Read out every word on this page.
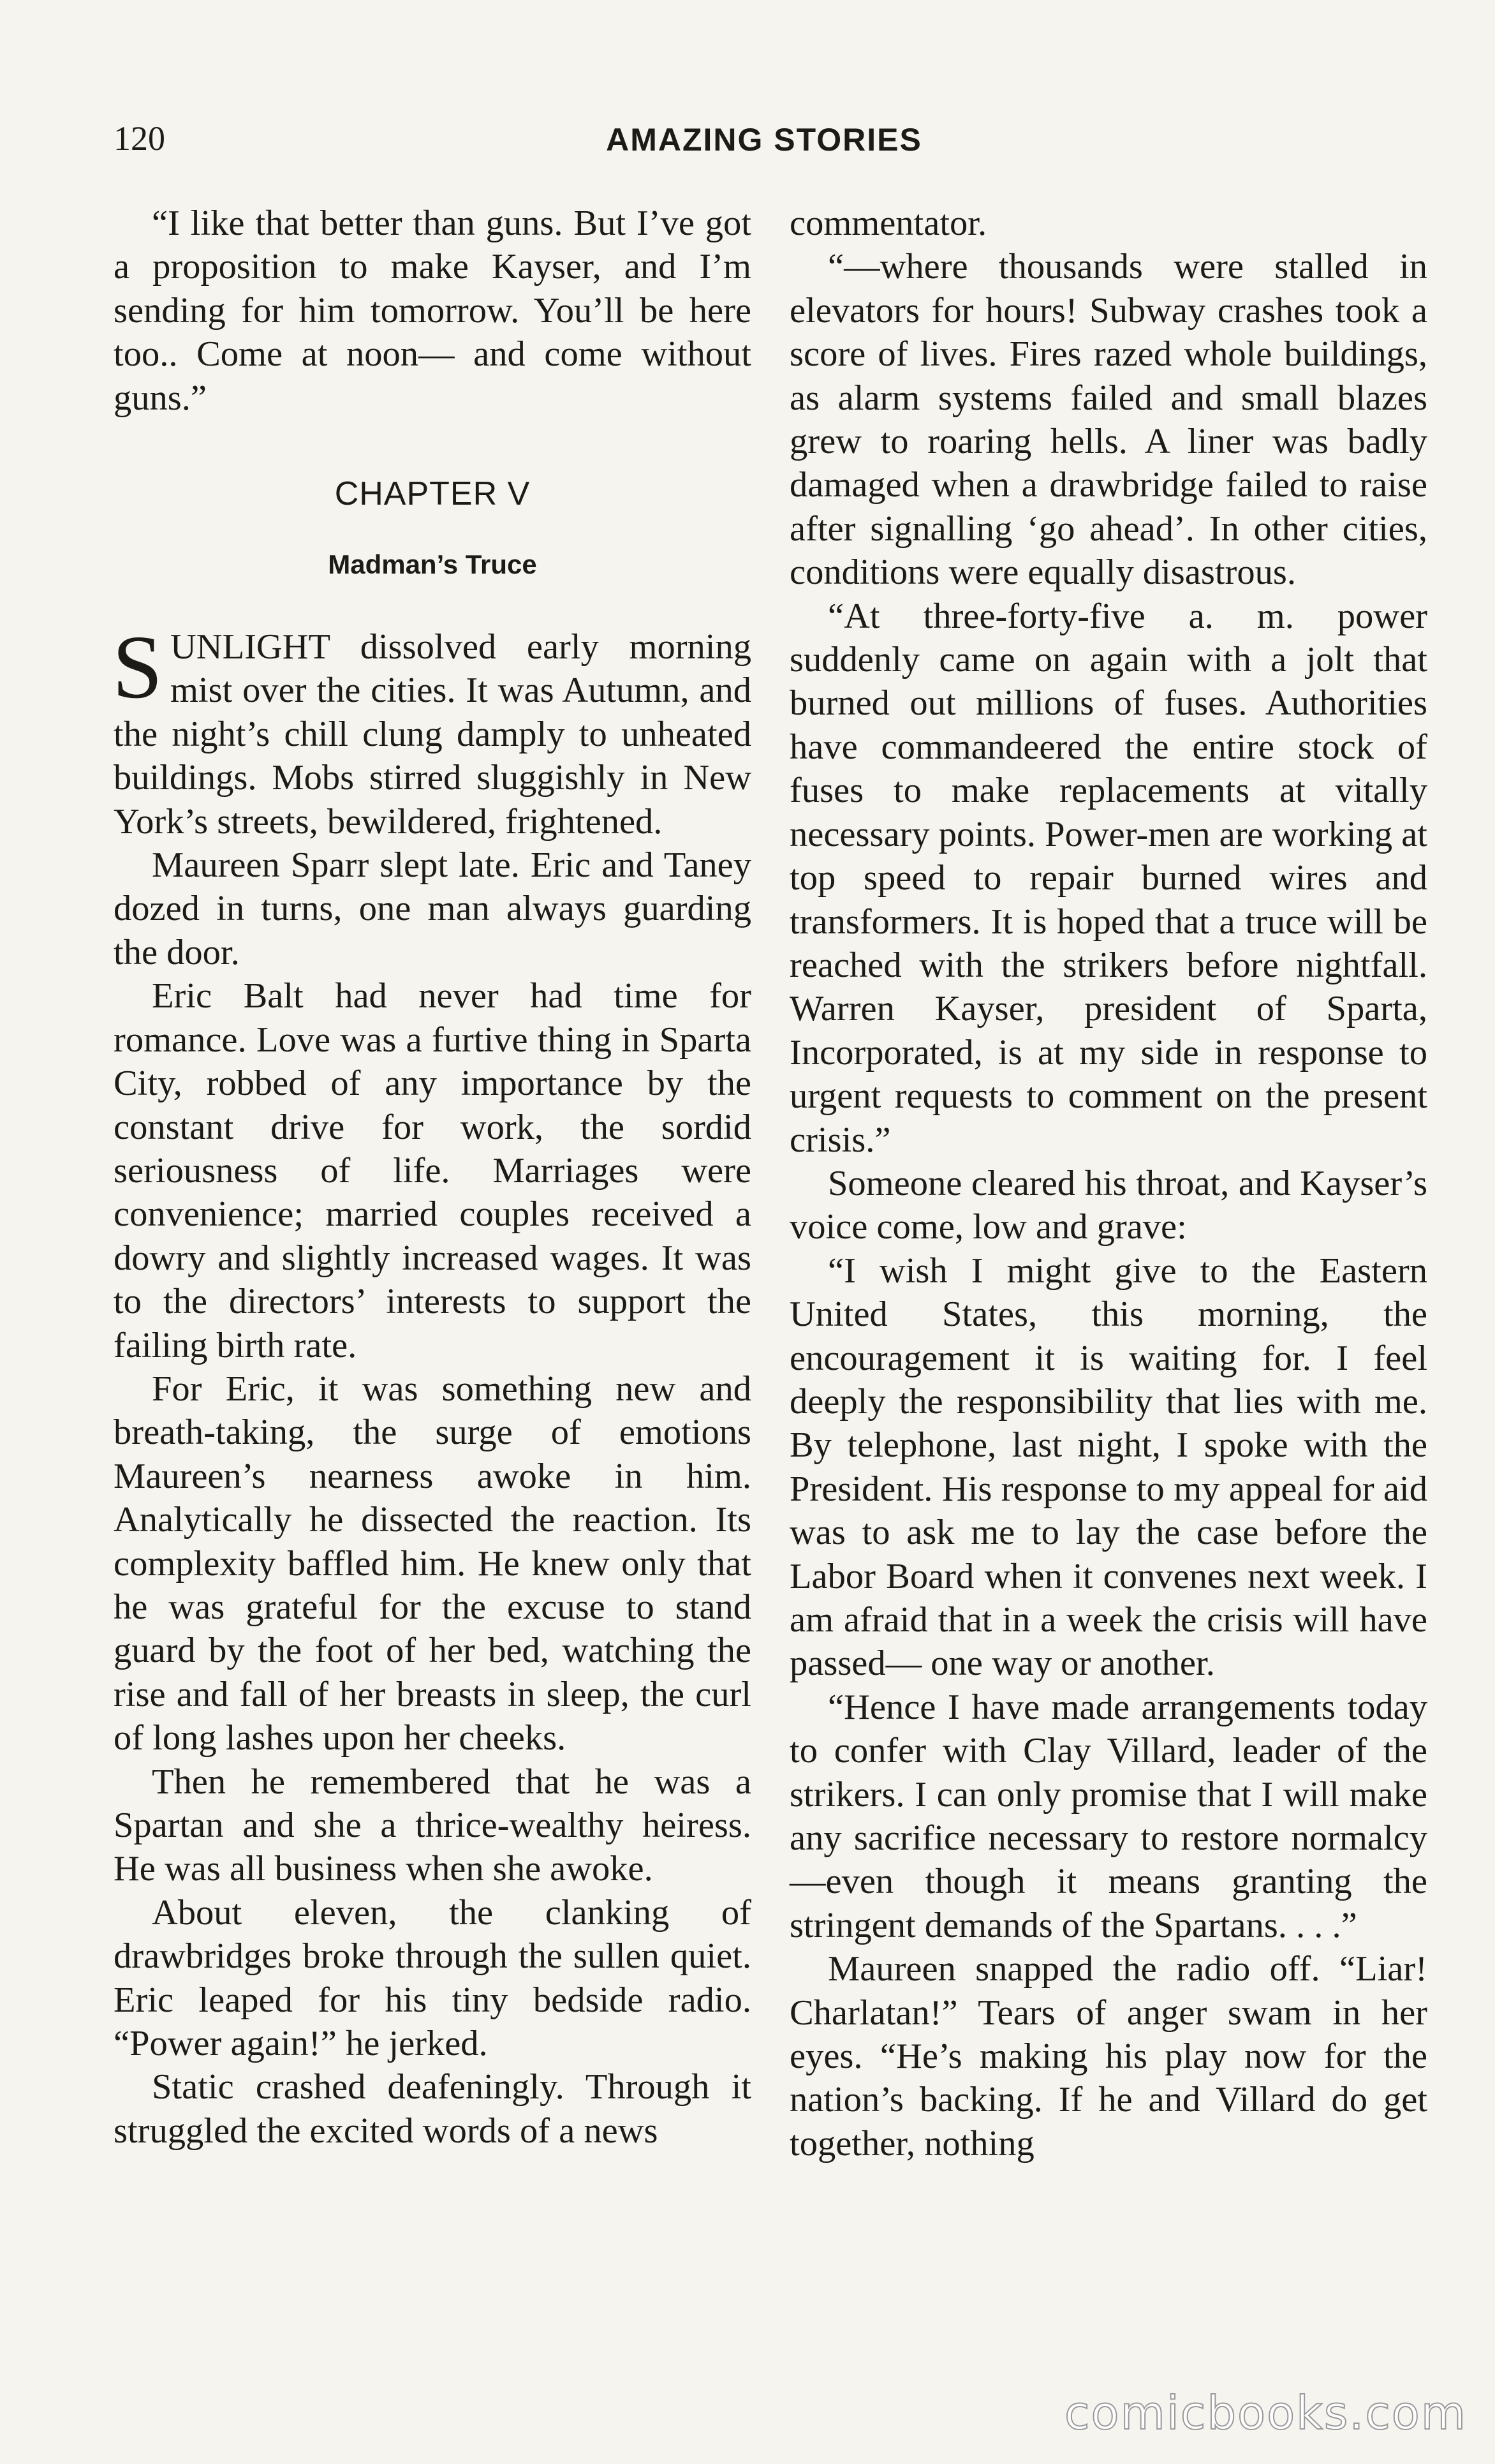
120	AMAZING STORIES

“I like that better than guns. But I’ve got a proposition to make Kayser, and I’m sending for him tomorrow. You’ll be here too.. Come at noon— and come without guns.”

CHAPTER V
Madman’s Truce

SUNLIGHT dissolved early morning mist over the cities. It was Autumn, and the night’s chill clung damply to unheated buildings. Mobs stirred sluggishly in New York’s streets, bewildered, frightened.

Maureen Sparr slept late. Eric and Taney dozed in turns, one man always guarding the door.

Eric Balt had never had time for romance. Love was a furtive thing in Sparta City, robbed of any importance by the constant drive for work, the sordid seriousness of life. Marriages were convenience; married couples received a dowry and slightly increased wages. It was to the directors’ interests to support the failing birth rate.

For Eric, it was something new and breath-taking, the surge of emotions Maureen’s nearness awoke in him. Analytically he dissected the reaction. Its complexity baffled him. He knew only that he was grateful for the excuse to stand guard by the foot of her bed, watching the rise and fall of her breasts in sleep, the curl of long lashes upon her cheeks.

Then he remembered that he was a Spartan and she a thrice-wealthy heiress. He was all business when she awoke.

About eleven, the clanking of drawbridges broke through the sullen quiet. Eric leaped for his tiny bedside radio. “Power again!” he jerked.

Static crashed deafeningly. Through it struggled the excited words of a news

commentator.

“—where thousands were stalled in elevators for hours! Subway crashes took a score of lives. Fires razed whole buildings, as alarm systems failed and small blazes grew to roaring hells. A liner was badly damaged when a drawbridge failed to raise after signalling ‘go ahead’. In other cities, conditions were equally disastrous.

“At three-forty-five a. m. power suddenly came on again with a jolt that burned out millions of fuses. Authorities have commandeered the entire stock of fuses to make replacements at vitally necessary points. Power-men are working at top speed to repair burned wires and transformers. It is hoped that a truce will be reached with the strikers before nightfall. Warren Kayser, president of Sparta, Incorporated, is at my side in response to urgent requests to comment on the present crisis.”

Someone cleared his throat, and Kayser’s voice come, low and grave:

“I wish I might give to the Eastern United States, this morning, the encouragement it is waiting for. I feel deeply the responsibility that lies with me. By telephone, last night, I spoke with the President. His response to my appeal for aid was to ask me to lay the case before the Labor Board when it convenes next week. I am afraid that in a week the crisis will have passed— one way or another.

“Hence I have made arrangements today to confer with Clay Villard, leader of the strikers. I can only promise that I will make any sacrifice necessary to restore normalcy—even though it means granting the stringent demands of the Spartans. . . .”

Maureen snapped the radio off. “Liar! Charlatan!” Tears of anger swam in her eyes. “He’s making his play now for the nation’s backing. If he and Villard do get together, nothing

comicbooks.com
